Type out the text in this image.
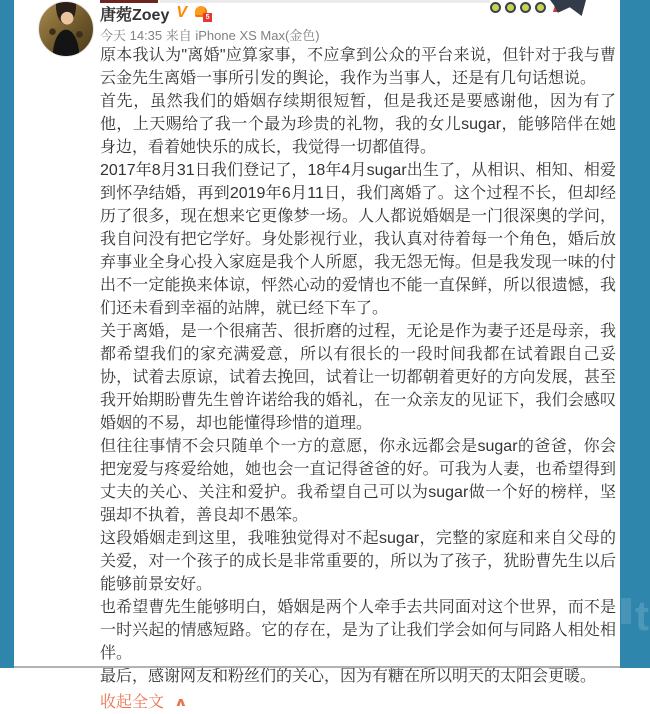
唐菀Zoey V	5
今天 14:35 来自 iPhone XS Max(金色)

原本我认为"离婚"应算家事，不应拿到公众的平台来说，但针对于我与曹云金先生离婚一事所引发的舆论，我作为当事人，还是有几句话想说。

首先，虽然我们的婚姻存续期很短暂，但是我还是要感谢他，因为有了他，上天赐给了我一个最为珍贵的礼物，我的女儿sugar，能够陪伴在她身边，看着她快乐的成长，我觉得一切都值得。

2017年8月31日我们登记了，18年4月sugar出生了，从相识、相知、相爱到怀孕结婚，再到2019年6月11日，我们离婚了。这个过程不长，但却经历了很多，现在想来它更像梦一场。人人都说婚姻是一门很深奥的学问，我自问没有把它学好。身处影视行业，我认真对待着每一个角色，婚后放弃事业全身心投入家庭是我个人所愿，我无怨无悔。但是我发现一味的付出不一定能换来体谅，怦然心动的爱情也不能一直保鲜，所以很遗憾，我们还未看到幸福的站牌，就已经下车了。

关于离婚，是一个很痛苦、很折磨的过程，无论是作为妻子还是母亲，我都希望我们的家充满爱意，所以有很长的一段时间我都在试着跟自己妥协，试着去原谅，试着去挽回，试着让一切都朝着更好的方向发展，甚至我开始期盼曹先生曾许诺给我的婚礼，在一众亲友的见证下，我们会感叹婚姻的不易，却也能懂得珍惜的道理。

但往往事情不会只随单个一方的意愿，你永远都会是sugar的爸爸，你会把宠爱与疼爱给她，她也会一直记得爸爸的好。可我为人妻，也希望得到丈夫的关心、关注和爱护。我希望自己可以为sugar做一个好的榜样，坚强却不执着，善良却不愚笨。

这段婚姻走到这里，我唯独觉得对不起sugar，完整的家庭和来自父母的关爱，对一个孩子的成长是非常重要的，所以为了孩子，犹盼曹先生以后能够前景安好。

也希望曹先生能够明白，婚姻是两个人牵手去共同面对这个世界，而不是一时兴起的情感短路。它的存在，是为了让我们学会如何与同路人相处相伴。

最后，感谢网友和粉丝们的关心，因为有糖在所以明天的太阳会更暖。

收起全文 ∧
t
